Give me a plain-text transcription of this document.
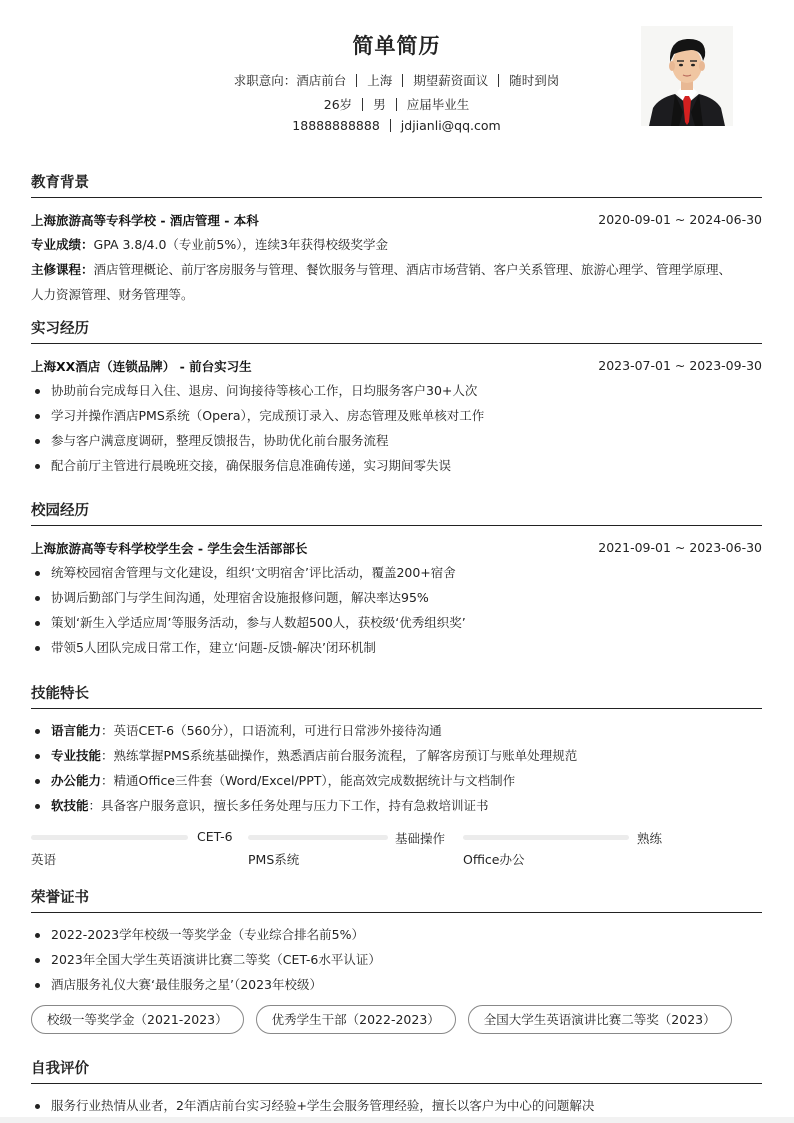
简单简历
求职意向：酒店前台 上海 期望薪资面议 随时到岗
26岁 男 应届毕业生
18888888888 jdjianli@qq.com
教育背景
上海旅游高等专科学校 - 酒店管理 - 本科	2020-09-01 ~ 2024-06-30
专业成绩：GPA 3.8/4.0（专业前5%），连续3年获得校级奖学金
主修课程：酒店管理概论、前厅客房服务与管理、餐饮服务与管理、酒店市场营销、客户关系管理、旅游心理学、管理学原理、
人力资源管理、财务管理等。
实习经历
上海XX酒店（连锁品牌） - 前台实习生	2023-07-01 ~ 2023-09-30
协助前台完成每日入住、退房、问询接待等核心工作，日均服务客户30+人次
学习并操作酒店PMS系统（Opera），完成预订录入、房态管理及账单核对工作
参与客户满意度调研，整理反馈报告，协助优化前台服务流程
配合前厅主管进行晨晚班交接，确保服务信息准确传递，实习期间零失误
校园经历
上海旅游高等专科学校学生会 - 学生会生活部部长	2021-09-01 ~ 2023-06-30
统筹校园宿舍管理与文化建设，组织‘文明宿舍’评比活动，覆盖200+宿舍
协调后勤部门与学生间沟通，处理宿舍设施报修问题，解决率达95%
策划‘新生入学适应周’等服务活动，参与人数超500人，获校级‘优秀组织奖’
带领5人团队完成日常工作，建立‘问题-反馈-解决’闭环机制
技能特长
语言能力：英语CET-6（560分），口语流利，可进行日常涉外接待沟通
专业技能：熟练掌握PMS系统基础操作，熟悉酒店前台服务流程，了解客房预订与账单处理规范
办公能力：精通Office三件套（Word/Excel/PPT），能高效完成数据统计与文档制作
软技能：具备客户服务意识，擅长多任务处理与压力下工作，持有急救培训证书
CET-6
英语
基础操作
PMS系统
熟练
Office办公
荣誉证书
2022-2023学年校级一等奖学金（专业综合排名前5%）
2023年全国大学生英语演讲比赛二等奖（CET-6水平认证）
酒店服务礼仪大赛‘最佳服务之星’（2023年校级）
校级一等奖学金（2021-2023）	优秀学生干部（2022-2023）	全国大学生英语演讲比赛二等奖（2023）
自我评价
服务行业热情从业者，2年酒店前台实习经验+学生会服务管理经验，擅长以客户为中心的问题解决
